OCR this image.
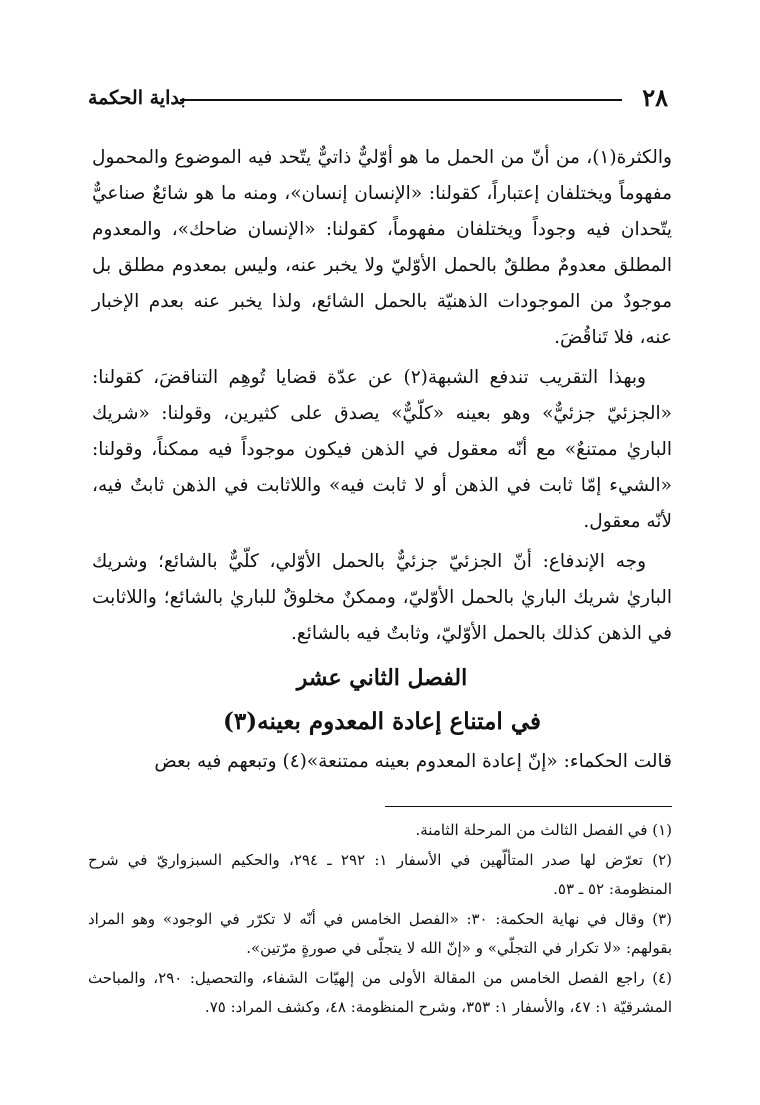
٢٨
بداية الحكمة

والكثرة(١)، من أنّ من الحمل ما هو أوّليٌّ ذاتيٌّ يتّحد فيه الموضوع والمحمول مفهوماً ويختلفان إعتباراً، كقولنا: «الإنسان إنسان»، ومنه ما هو شائعٌ صناعيٌّ يتّحدان فيه وجوداً ويختلفان مفهوماً، كقولنا: «الإنسان ضاحك»، والمعدوم المطلق معدومٌ مطلقٌ بالحمل الأوّليّ ولا يخبر عنه، وليس بمعدوم مطلق بل موجودٌ من الموجودات الذهنيّة بالحمل الشائع، ولذا يخبر عنه بعدم الإخبار عنه، فلا تَناقُضَ.

وبهذا التقريب تندفع الشبهة(٢) عن عدّة قضايا تُوهِم التناقضَ، كقولنا: «الجزئيّ جزئيٌّ» وهو بعينه «كلّيٌّ» يصدق على كثيرين، وقولنا: «شريك الباريٰ ممتنعٌ» مع أنّه معقول في الذهن فيكون موجوداً فيه ممكناً، وقولنا: «الشيء إمّا ثابت في الذهن أو لا ثابت فيه» واللاثابت في الذهن ثابتٌ فيه، لأنّه معقول.

وجه الإندفاع: أنّ الجزئيّ جزئيٌّ بالحمل الأوّلي، كلّيٌّ بالشائع؛ وشريك الباريٰ شريك الباريٰ بالحمل الأوّليّ، وممكنٌ مخلوقٌ للباريٰ بالشائع؛ واللاثابت في الذهن كذلك بالحمل الأوّليّ، وثابتٌ فيه بالشائع.

الفصل الثاني عشر
في امتناع إعادة المعدوم بعينه(٣)

قالت الحكماء: «إنّ إعادة المعدوم بعينه ممتنعة»(٤) وتبعهم فيه بعض

(١) في الفصل الثالث من المرحلة الثامنة.
(٢) تعرّض لها صدر المتألّهين في الأسفار ١: ٢٩٢ ـ ٢٩٤، والحكيم السبزواريّ في شرح المنظومة: ٥٢ ـ ٥٣.
(٣) وقال في نهاية الحكمة: ٣٠: «الفصل الخامس في أنّه لا تكرّر في الوجود» وهو المراد بقولهم: «لا تكرار في التجلّي» و «إنّ الله لا يتجلّى في صورةٍ مرّتين».
(٤) راجع الفصل الخامس من المقالة الأولى من إلهيّات الشفاء، والتحصيل: ٢٩٠، والمباحث المشرقيّة ١: ٤٧، والأسفار ١: ٣٥٣، وشرح المنظومة: ٤٨، وكشف المراد: ٧٥.
